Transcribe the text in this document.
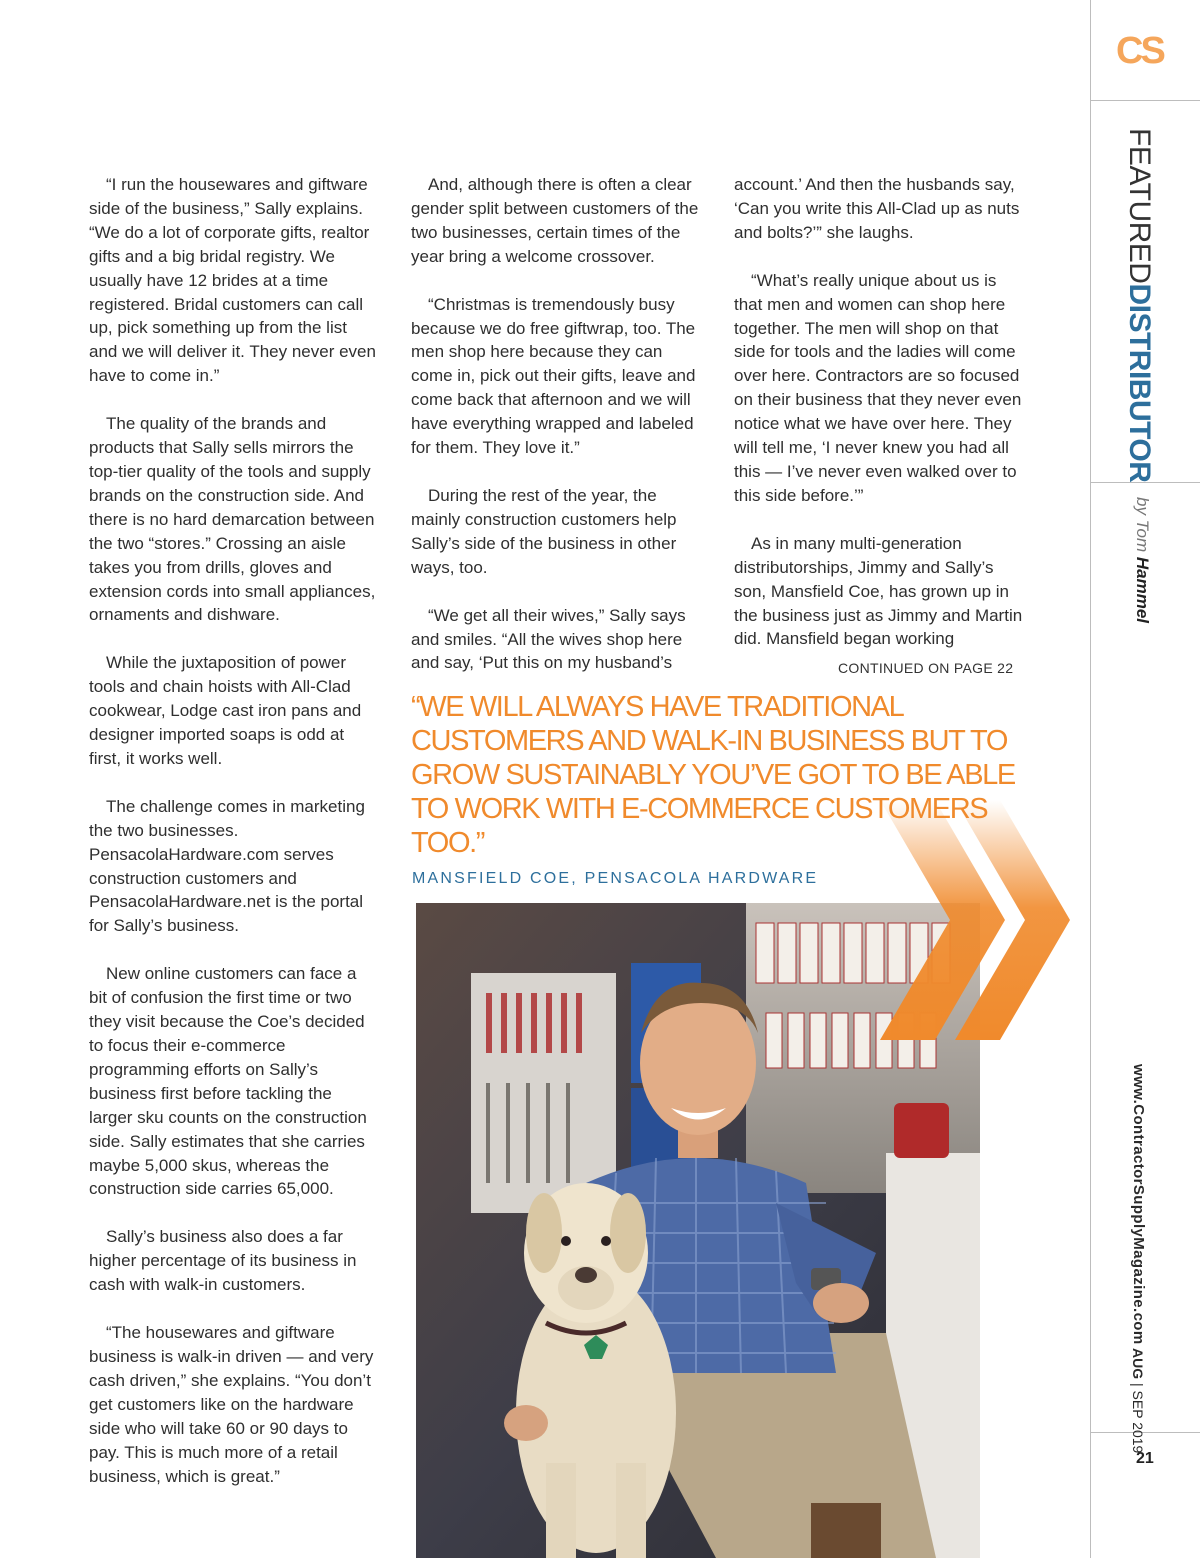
CS
FEATUREDDISTRIBUTOR
by Tom Hammel
www.ContractorSupplyMagazine.com
AUG | SEP 2019
21

“I run the housewares and giftware side of the business,” Sally explains. “We do a lot of corporate gifts, realtor gifts and a big bridal registry. We usually have 12 brides at a time registered. Bridal customers can call up, pick something up from the list and we will deliver it. They never even have to come in.”

The quality of the brands and products that Sally sells mirrors the top-tier quality of the tools and supply brands on the construction side. And there is no hard demarcation between the two “stores.” Crossing an aisle takes you from drills, gloves and extension cords into small appliances, ornaments and dishware.

While the juxtaposition of power tools and chain hoists with All-Clad cookwear, Lodge cast iron pans and designer imported soaps is odd at first, it works well.

The challenge comes in marketing the two businesses. PensacolaHardware.com serves construction customers and PensacolaHardware.net is the portal for Sally’s business.

New online customers can face a bit of confusion the first time or two they visit because the Coe’s decided to focus their e-commerce programming efforts on Sally’s business first before tackling the larger sku counts on the construction side. Sally estimates that she carries maybe 5,000 skus, whereas the construction side carries 65,000.

Sally’s business also does a far higher percentage of its business in cash with walk-in customers.

“The housewares and giftware business is walk-in driven — and very cash driven,” she explains. “You don’t get customers like on the hardware side who will take 60 or 90 days to pay. This is much more of a retail business, which is great.”

And, although there is often a clear gender split between customers of the two businesses, certain times of the year bring a welcome crossover.

“Christmas is tremendously busy because we do free giftwrap, too. The men shop here because they can come in, pick out their gifts, leave and come back that afternoon and we will have everything wrapped and labeled for them. They love it.”

During the rest of the year, the mainly construction customers help Sally’s side of the business in other ways, too.

“We get all their wives,” Sally says and smiles. “All the wives shop here and say, ‘Put this on my husband’s

account.’ And then the husbands say, ‘Can you write this All-Clad up as nuts and bolts?’” she laughs.

“What’s really unique about us is that men and women can shop here together. The men will shop on that side for tools and the ladies will come over here. Contractors are so focused on their business that they never even notice what we have over here. They will tell me, ‘I never knew you had all this — I’ve never even walked over to this side before.’”

As in many multi-generation distributorships, Jimmy and Sally’s son, Mansfield Coe, has grown up in the business just as Jimmy and Martin did. Mansfield began working

CONTINUED ON PAGE 22
“WE WILL ALWAYS HAVE TRADITIONAL CUSTOMERS AND WALK-IN BUSINESS BUT TO GROW SUSTAINABLY YOU’VE GOT TO BE ABLE TO WORK WITH E-COMMERCE CUSTOMERS TOO.”
MANSFIELD COE, PENSACOLA HARDWARE
